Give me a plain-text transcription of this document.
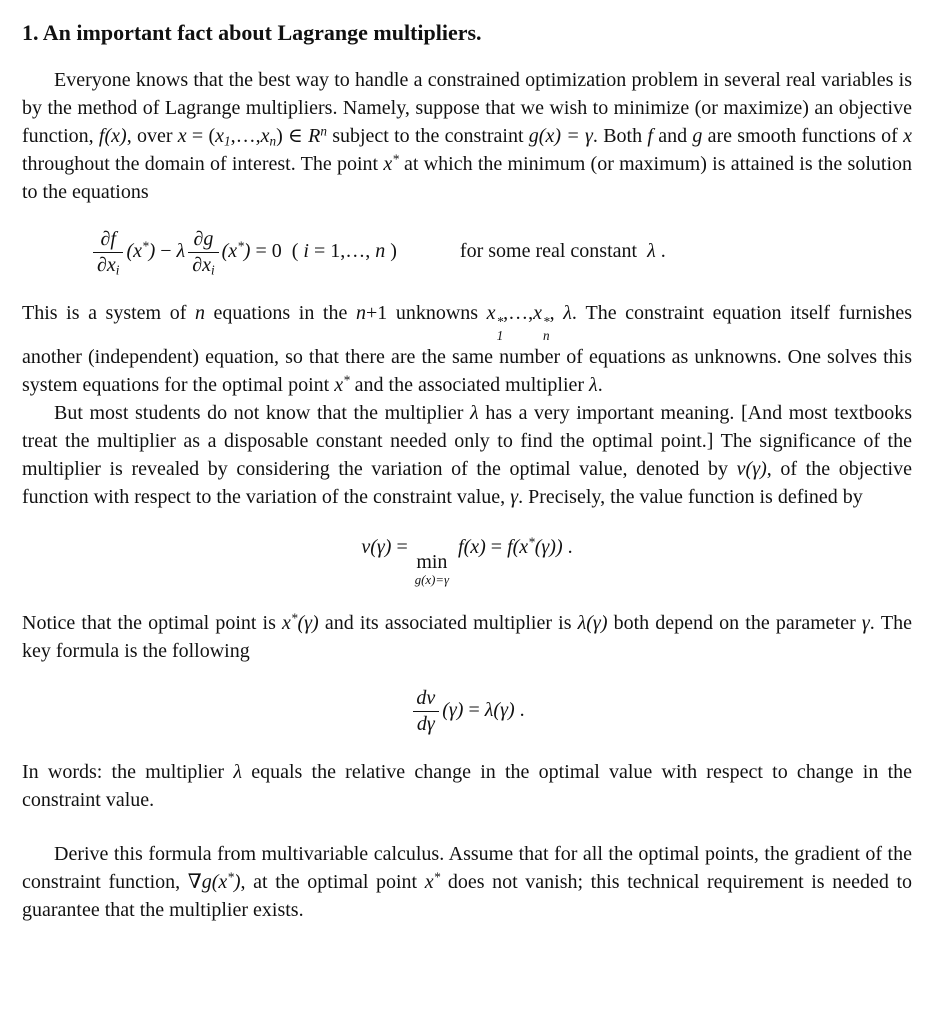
1. An important fact about Lagrange multipliers.

Everyone knows that the best way to handle a constrained optimization problem in several real variables is by the method of Lagrange multipliers. Namely, suppose that we wish to minimize (or maximize) an objective function, f(x), over $x = (x_1,\dots,x_n)$ ∈ $R^n$ subject to the constraint g(x) = γ. Both f and g are smooth functions of x throughout the domain of interest. The point x* at which the minimum (or maximum) is attained is the solution to the equations

$\frac{\partial f}{\partial x_i} (x^*) - \lambda \frac{\partial g}{\partial x_i} (x^*) = 0$  ( i = 1,…, n )	for some real constant  λ .

This is a system of n equations in the n+1 unknowns x *
1
,…,x *
n
, λ. The constraint equation itself furnishes another (independent) equation, so that there are the same number of equations as unknowns. One solves this system equations for the optimal point x* and the associated multiplier λ.

But most students do not know that the multiplier λ has a very important meaning. [And most textbooks treat the multiplier as a disposable constant needed only to find the optimal point.] The significance of the multiplier is revealed by considering the variation of the optimal value, denoted by v(γ), of the objective function with respect to the variation of the constraint value, γ. Precisely, the value function is defined by

v(γ) =
min
g(x)=γ
f(x) = f(x*(γ)) .

Notice that the optimal point is x*(γ) and its associated multiplier is λ(γ) both depend on the parameter γ. The key formula is the following

$\frac{dv}{d\gamma} (\gamma) = \lambda(\gamma)$ .

In words: the multiplier λ equals the relative change in the optimal value with respect to change in the constraint value.

Derive this formula from multivariable calculus. Assume that for all the optimal points, the gradient of the constraint function, ∇g(x*), at the optimal point x* does not vanish; this technical requirement is needed to guarantee that the multiplier exists.
